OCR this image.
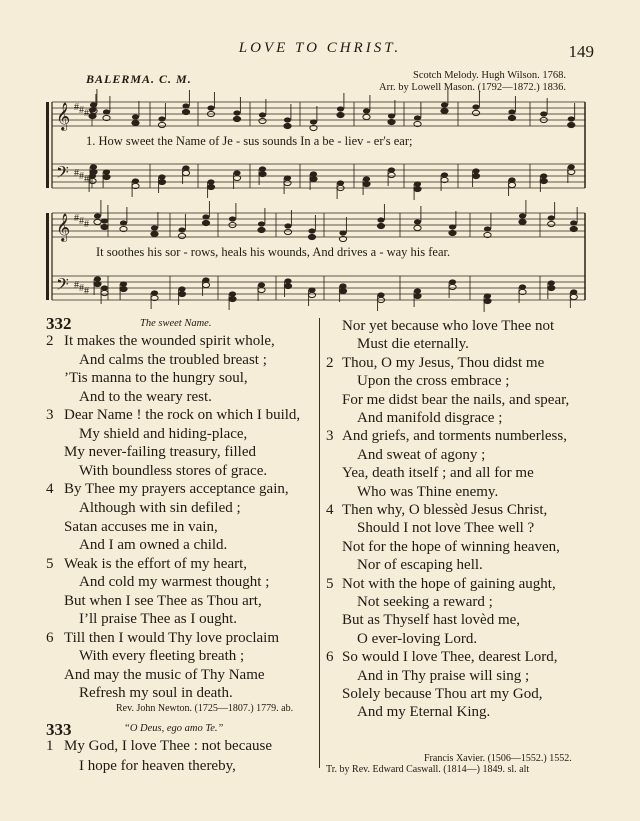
LOVE TO CHRIST.	149
BALERMA. C. M.	Scotch Melody. Hugh Wilson. 1768.
Arr. by Lowell Mason. (1792—1872.) 1836.
𝄞
𝄢
#
#
#
#
#
#
𝄞
𝄢
#
#
#
#
#
#
1. How sweet the Name of Je - sus sounds In a be - liev - er's ear;
It soothes his sor - rows, heals his wounds, And drives a - way his fear.
332	The sweet Name.
2 It makes the wounded spirit whole,
And calms the troubled breast ;
’Tis manna to the hungry soul,
And to the weary rest.
3 Dear Name ! the rock on which I build,
My shield and hiding-place,
My never-failing treasury, filled
With boundless stores of grace.
4 By Thee my prayers acceptance gain,
Although with sin defiled ;
Satan accuses me in vain,
And I am owned a child.
5 Weak is the effort of my heart,
And cold my warmest thought ;
But when I see Thee as Thou art,
I’ll praise Thee as I ought.
6 Till then I would Thy love proclaim
With every fleeting breath ;
And may the music of Thy Name
Refresh my soul in death.
Rev. John Newton. (1725—1807.) 1779. ab.
333	“O Deus, ego amo Te.”
1 My God, I love Thee : not because
I hope for heaven thereby,
Nor yet because who love Thee not
Must die eternally.
2 Thou, O my Jesus, Thou didst me
Upon the cross embrace ;
For me didst bear the nails, and spear,
And manifold disgrace ;
3 And griefs, and torments numberless,
And sweat of agony ;
Yea, death itself ; and all for me
Who was Thine enemy.
4 Then why, O blessèd Jesus Christ,
Should I not love Thee well ?
Not for the hope of winning heaven,
Nor of escaping hell.
5 Not with the hope of gaining aught,
Not seeking a reward ;
But as Thyself hast lovèd me,
O ever-loving Lord.
6 So would I love Thee, dearest Lord,
And in Thy praise will sing ;
Solely because Thou art my God,
And my Eternal King.
Francis Xavier. (1506—1552.) 1552.
Tr. by Rev. Edward Caswall. (1814—) 1849. sl. alt
